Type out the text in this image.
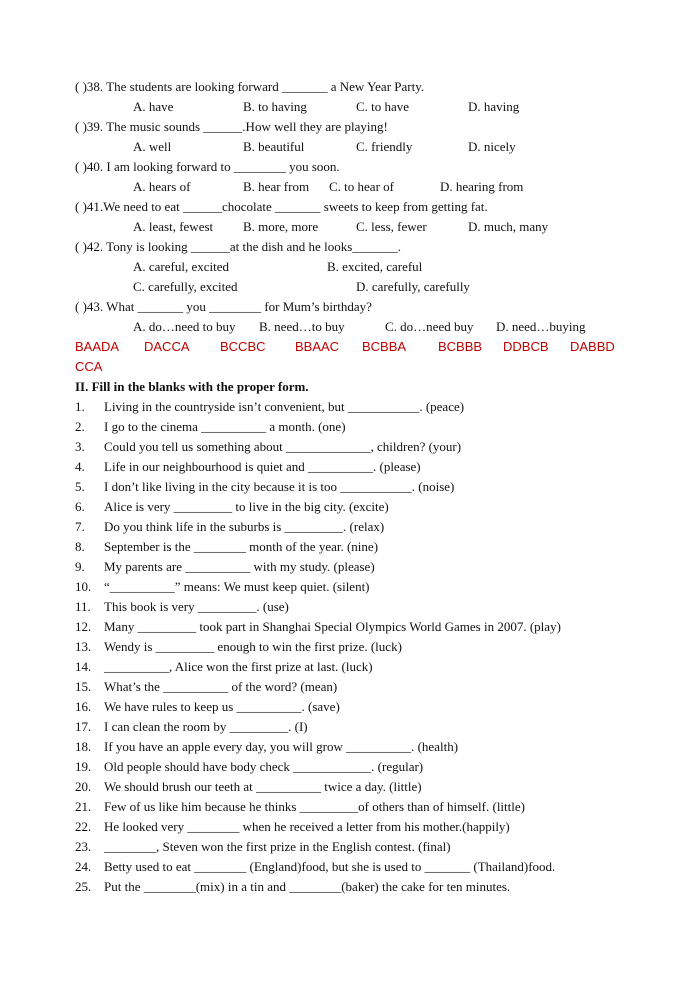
( )38. The students are looking forward _______ a New Year Party.
A. have	B. to having	C. to have	D. having
( )39. The music sounds ______.How well they are playing!
A. well	B. beautiful	C. friendly	D. nicely
( )40. I am looking forward to ________ you soon.
A. hears of	B. hear from C. to hear of	D. hearing from
( )41.We need to eat ______chocolate _______ sweets to keep from getting fat.
A. least, fewest B. more, more	C. less, fewer	D. much, many
( )42. Tony is looking ______at the dish and he looks_______.
A. careful, excited	B. excited, careful
C. carefully, excited	D. carefully, carefully
( )43. What _______ you ________ for Mum’s birthday?
A. do…need to buy B. need…to buy	C. do…need buy D. need…buying
BAADA DACCA BCCBC BBAAC BCBBA BCBBB DDBCB DABBD
CCA
II. Fill in the blanks with the proper form.
1. Living in the countryside isn’t convenient, but ___________. (peace)
2. I go to the cinema __________ a month. (one)
3. Could you tell us something about _____________, children? (your)
4. Life in our neighbourhood is quiet and __________. (please)
5. I don’t like living in the city because it is too ___________. (noise)
6. Alice is very _________ to live in the big city. (excite)
7. Do you think life in the suburbs is _________. (relax)
8. September is the ________ month of the year. (nine)
9. My parents are __________ with my study. (please)
10. “__________” means: We must keep quiet. (silent)
11. This book is very _________. (use)
12. Many _________ took part in Shanghai Special Olympics World Games in 2007. (play)
13. Wendy is _________ enough to win the first prize. (luck)
14. __________, Alice won the first prize at last. (luck)
15. What’s the __________ of the word? (mean)
16. We have rules to keep us __________. (save)
17. I can clean the room by _________. (I)
18. If you have an apple every day, you will grow __________. (health)
19. Old people should have body check ____________. (regular)
20. We should brush our teeth at __________ twice a day. (little)
21. Few of us like him because he thinks _________of others than of himself. (little)
22. He looked very ________ when he received a letter from his mother.(happily)
23. ________, Steven won the first prize in the English contest. (final)
24. Betty used to eat ________ (England)food, but she is used to _______ (Thailand)food.
25. Put the ________(mix) in a tin and ________(baker) the cake for ten minutes.
